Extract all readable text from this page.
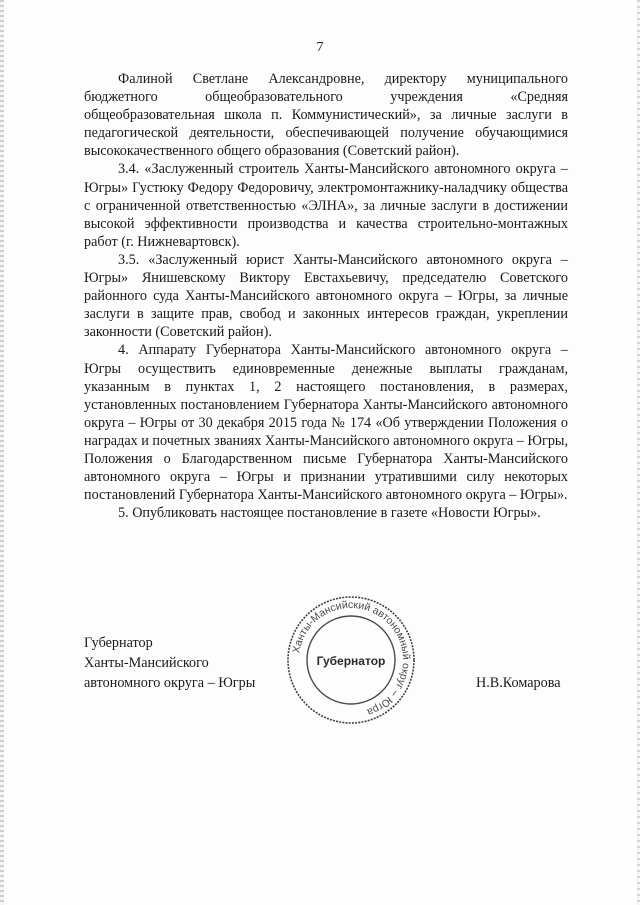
7

Фалиной Светлане Александровне, директору муниципального бюджетного общеобразовательного учреждения «Средняя общеобразовательная школа п. Коммунистический», за личные заслуги в педагогической деятельности, обеспечивающей получение обучающимися высококачественного общего образования (Советский район).

3.4. «Заслуженный строитель Ханты-Мансийского автономного округа – Югры» Густюку Федору Федоровичу, электромонтажнику-наладчику общества с ограниченной ответственностью «ЭЛНА», за личные заслуги в достижении высокой эффективности производства и качества строительно-монтажных работ (г. Нижневартовск).

3.5. «Заслуженный юрист Ханты-Мансийского автономного округа – Югры» Янишевскому Виктору Евстахьевичу, председателю Советского районного суда Ханты-Мансийского автономного округа – Югры, за личные заслуги в защите прав, свобод и законных интересов граждан, укреплении законности (Советский район).

4. Аппарату Губернатора Ханты-Мансийского автономного округа – Югры осуществить единовременные денежные выплаты гражданам, указанным в пунктах 1, 2 настоящего постановления, в размерах, установленных постановлением Губернатора Ханты-Мансийского автономного округа – Югры от 30 декабря 2015 года № 174 «Об утверждении Положения о наградах и почетных званиях Ханты-Мансийского автономного округа – Югры, Положения о Благодарственном письме Губернатора Ханты-Мансийского автономного округа – Югры и признании утратившими силу некоторых постановлений Губернатора Ханты-Мансийского автономного округа – Югры».

5. Опубликовать настоящее постановление в газете «Новости Югры».

Губернатор
Ханты-Мансийского
автономного округа – Югры
Ханты-Мансийский автономный округ – Югра
Губернатор
Н.В.Комарова
